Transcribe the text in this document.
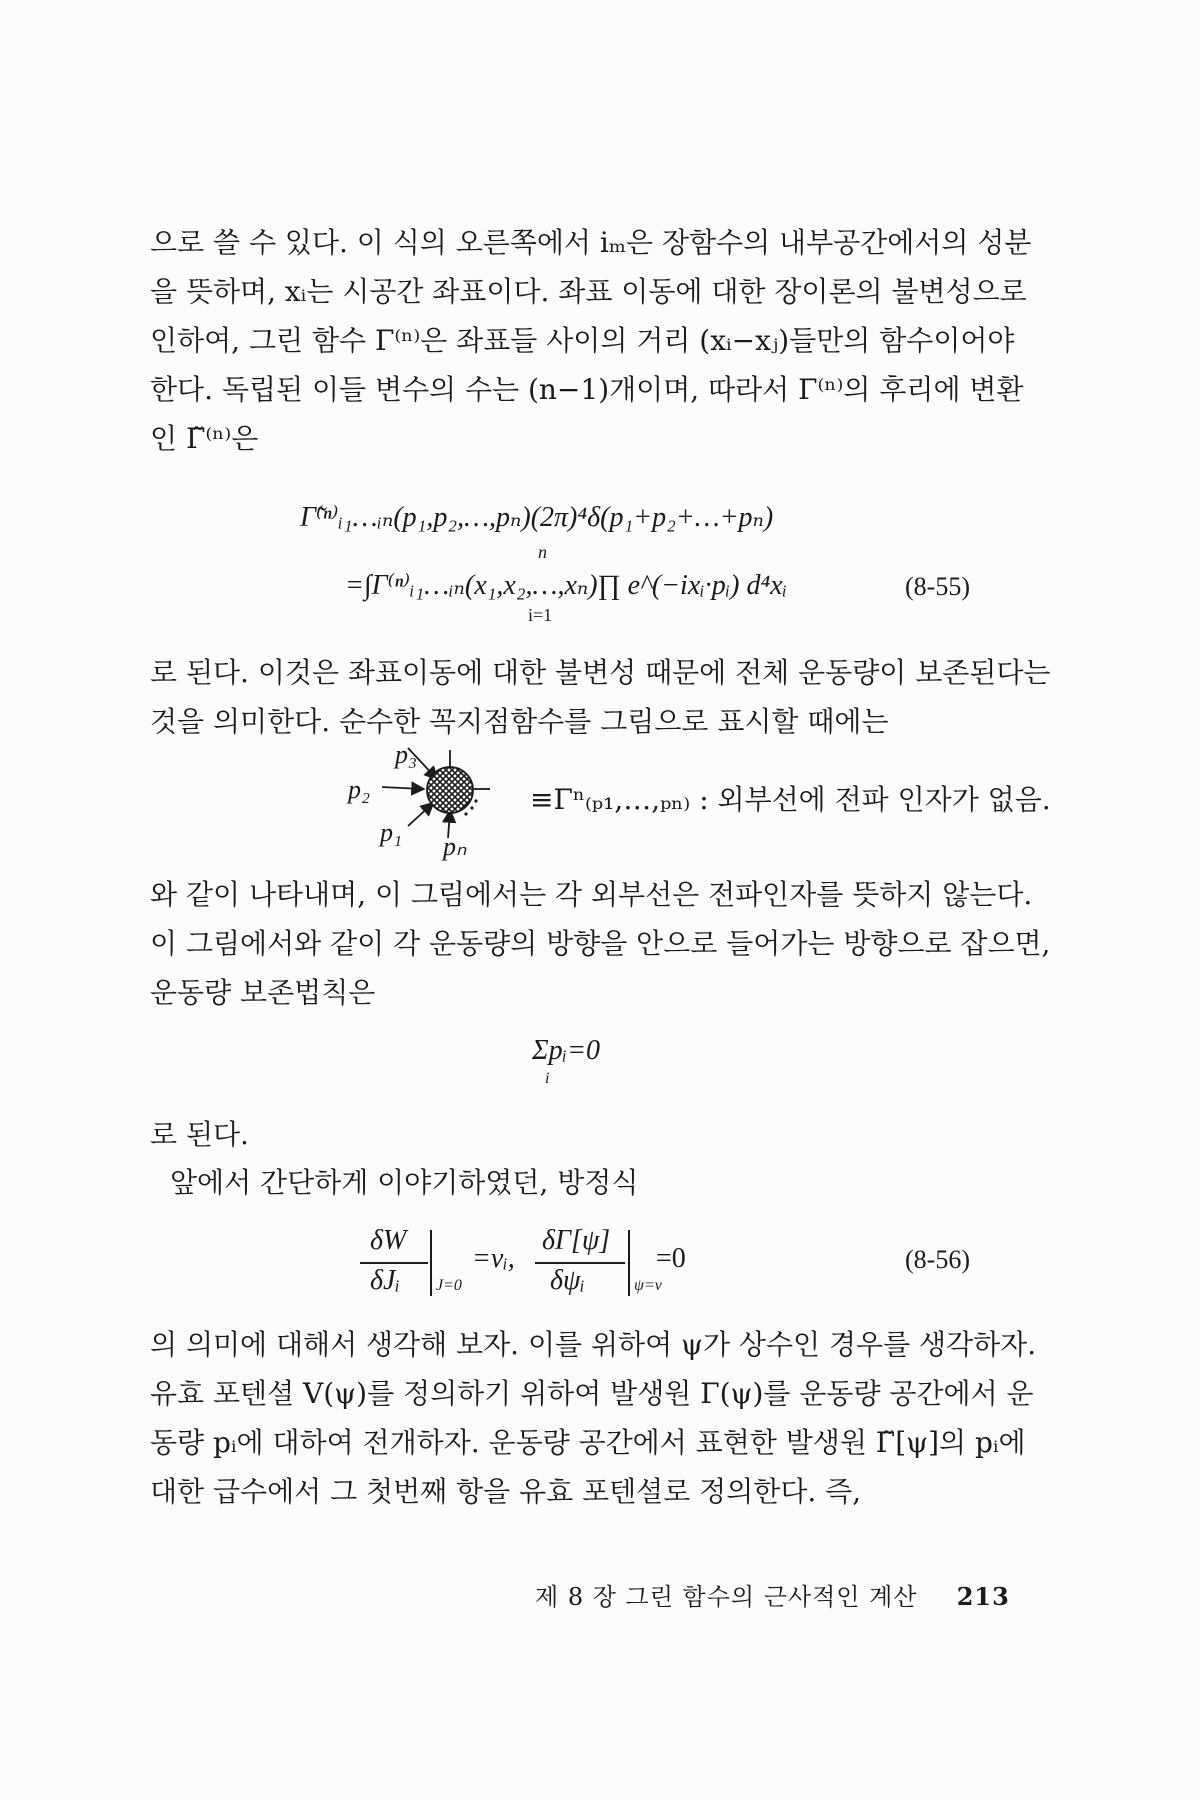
으로 쓸 수 있다. 이 식의 오른쪽에서 iₘ은 장함수의 내부공간에서의 성분
을 뜻하며, xᵢ는 시공간 좌표이다. 좌표 이동에 대한 장이론의 불변성으로
인하여, 그린 함수 Γ⁽ⁿ⁾은 좌표들 사이의 거리 (xᵢ−xⱼ)들만의 함수이어야
한다. 독립된 이들 변수의 수는 (n−1)개이며, 따라서 Γ⁽ⁿ⁾의 후리에 변환
인 Γ̃⁽ⁿ⁾은
Γ̃⁽ⁿ⁾ᵢ₁…ᵢₙ(p₁,p₂,…,pₙ)(2π)⁴δ(p₁+p₂+…+pₙ)
=∫Γ⁽ⁿ⁾ᵢ₁…ᵢₙ(x₁,x₂,…,xₙ)∏ e^(−ixᵢ·pᵢ) d⁴xᵢ
n
i=1
(8-55)
로 된다. 이것은 좌표이동에 대한 불변성 때문에 전체 운동량이 보존된다는
것을 의미한다. 순수한 꼭지점함수를 그림으로 표시할 때에는
p₃
p₂
p₁ pₙ
≡Γⁿ₍ₚ₁,…,ₚₙ₎ : 외부선에 전파 인자가 없음.
와 같이 나타내며, 이 그림에서는 각 외부선은 전파인자를 뜻하지 않는다.
이 그림에서와 같이 각 운동량의 방향을 안으로 들어가는 방향으로 잡으면,
운동량 보존법칙은
Σpᵢ=0
i
로 된다.
앞에서 간단하게 이야기하였던, 방정식
δW
δJᵢ J=0
=vᵢ,
δΓ[ψ]
δψᵢ	ψ=v
=0	(8-56)
의 의미에 대해서 생각해 보자. 이를 위하여 ψ가 상수인 경우를 생각하자.
유효 포텐셜 V(ψ)를 정의하기 위하여 발생원 Γ(ψ)를 운동량 공간에서 운
동량 pᵢ에 대하여 전개하자. 운동량 공간에서 표현한 발생원 Γ̃[ψ]의 pᵢ에
대한 급수에서 그 첫번째 항을 유효 포텐셜로 정의한다. 즉,
제 8 장 그린 함수의 근사적인 계산 213
